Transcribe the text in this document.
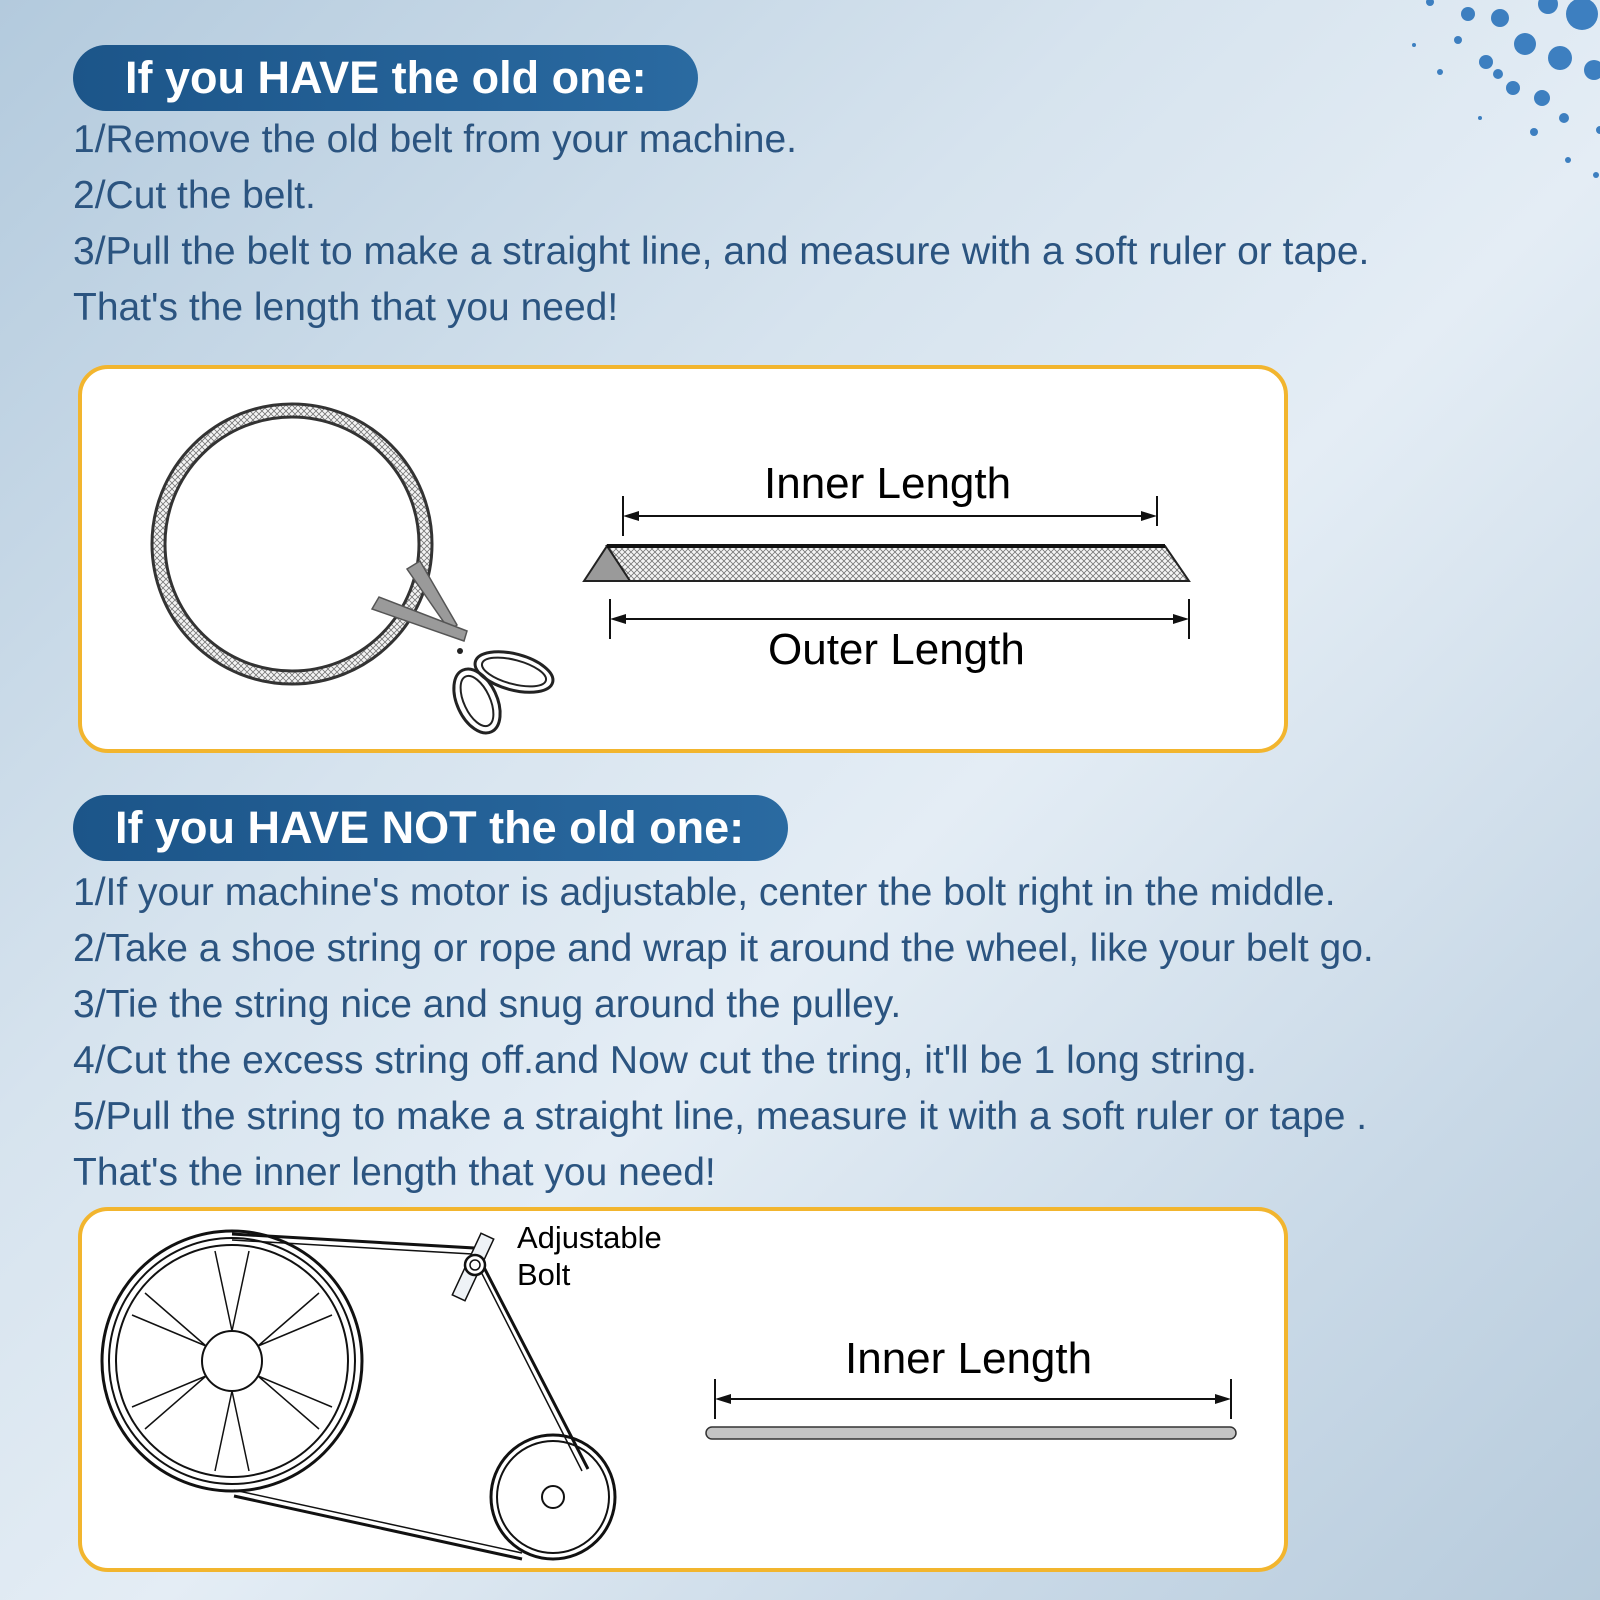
If you HAVE the old one:
1/Remove the old belt from your machine.
2/Cut the belt.
3/Pull the belt to make a straight line, and measure with a soft ruler or tape.
That's the length that you need!
Inner Length
Outer Length
If you HAVE NOT the old one:
1/If your machine's motor is adjustable, center the bolt right in the middle.
2/Take a shoe string or rope and wrap it around the wheel, like your belt go.
3/Tie the string nice and snug around the pulley.
4/Cut the excess string off.and Now cut the tring, it'll be 1 long string.
5/Pull the string to make a straight line, measure it with a soft ruler or tape .
That's the inner length that you need!
Adjustable
Bolt
Inner Length
